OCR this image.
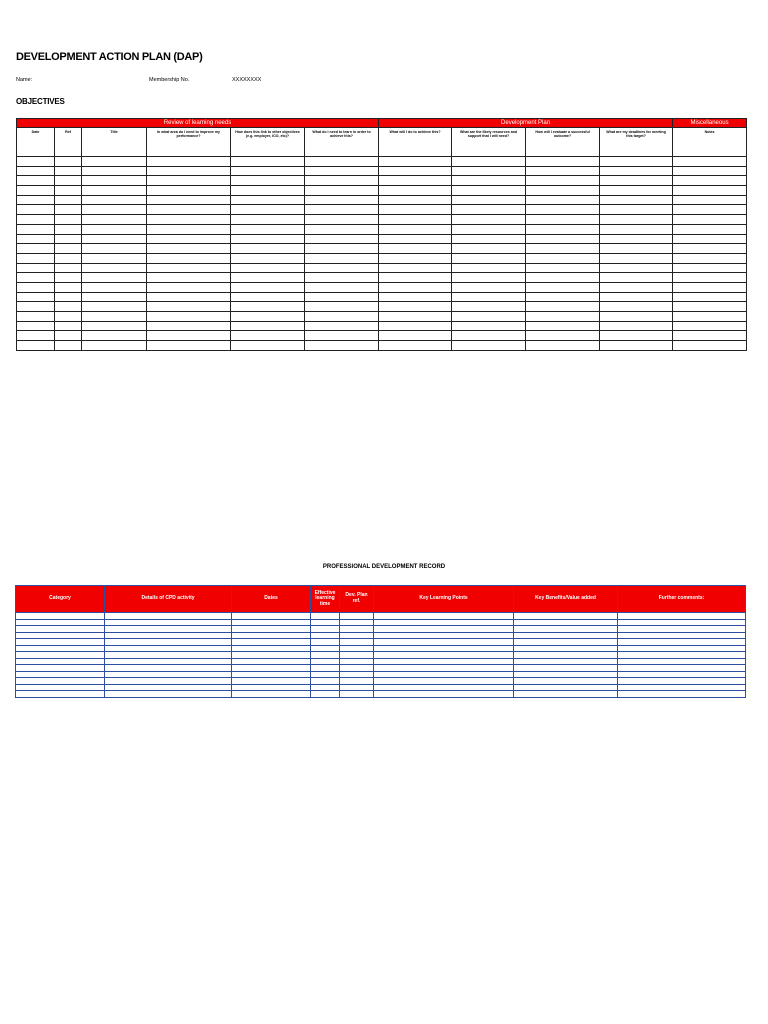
DEVELOPMENT ACTION PLAN (DAP)
Name:	Membership No.	XXXXXXXX
OBJECTIVES
Review of learning needs						Development Plan				Miscellaneous
Date	Ref	Title	In what area do I need to improve my performance?	How does this link to other objectives (e.g. employer, ICO, etc)?	What do I need to learn in order to achieve this?	What will I do to achieve this?	What are the likely resources and support that I will need?	How will I evaluate a successful outcome?	What are my deadlines for meeting this target?	Notes

PROFESSIONAL DEVELOPMENT RECORD
Category	Details of CPD activity	Dates	Effective learning time	Dev. Plan ref.	Key Learning Points	Key Benefits/Value added	Further comments:
